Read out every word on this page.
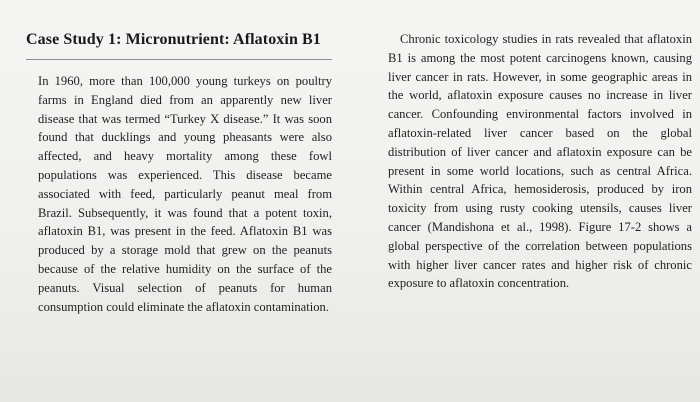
Case Study 1: Micronutrient: Aflatoxin B1

In 1960, more than 100,000 young turkeys on poultry farms in England died from an apparently new liver disease that was termed “Turkey X disease.” It was soon found that ducklings and young pheasants were also affected, and heavy mortality among these fowl populations was experienced. This disease became associated with feed, particularly peanut meal from Brazil. Subsequently, it was found that a potent toxin, aflatoxin B1, was present in the feed. Aflatoxin B1 was produced by a storage mold that grew on the peanuts because of the relative humidity on the surface of the peanuts. Visual selection of peanuts for human consumption could eliminate the aflatoxin contamination.

Chronic toxicology studies in rats revealed that aflatoxin B1 is among the most potent carcinogens known, causing liver cancer in rats. However, in some geographic areas in the world, aflatoxin exposure causes no increase in liver cancer. Confounding environmental factors involved in aflatoxin-related liver cancer based on the global distribution of liver cancer and aflatoxin exposure can be present in some world locations, such as central Africa. Within central Africa, hemosiderosis, produced by iron toxicity from using rusty cooking utensils, causes liver cancer (Mandishona et al., 1998). Figure 17-2 shows a global perspective of the correlation between populations with higher liver cancer rates and higher risk of chronic exposure to aflatoxin concentration.
